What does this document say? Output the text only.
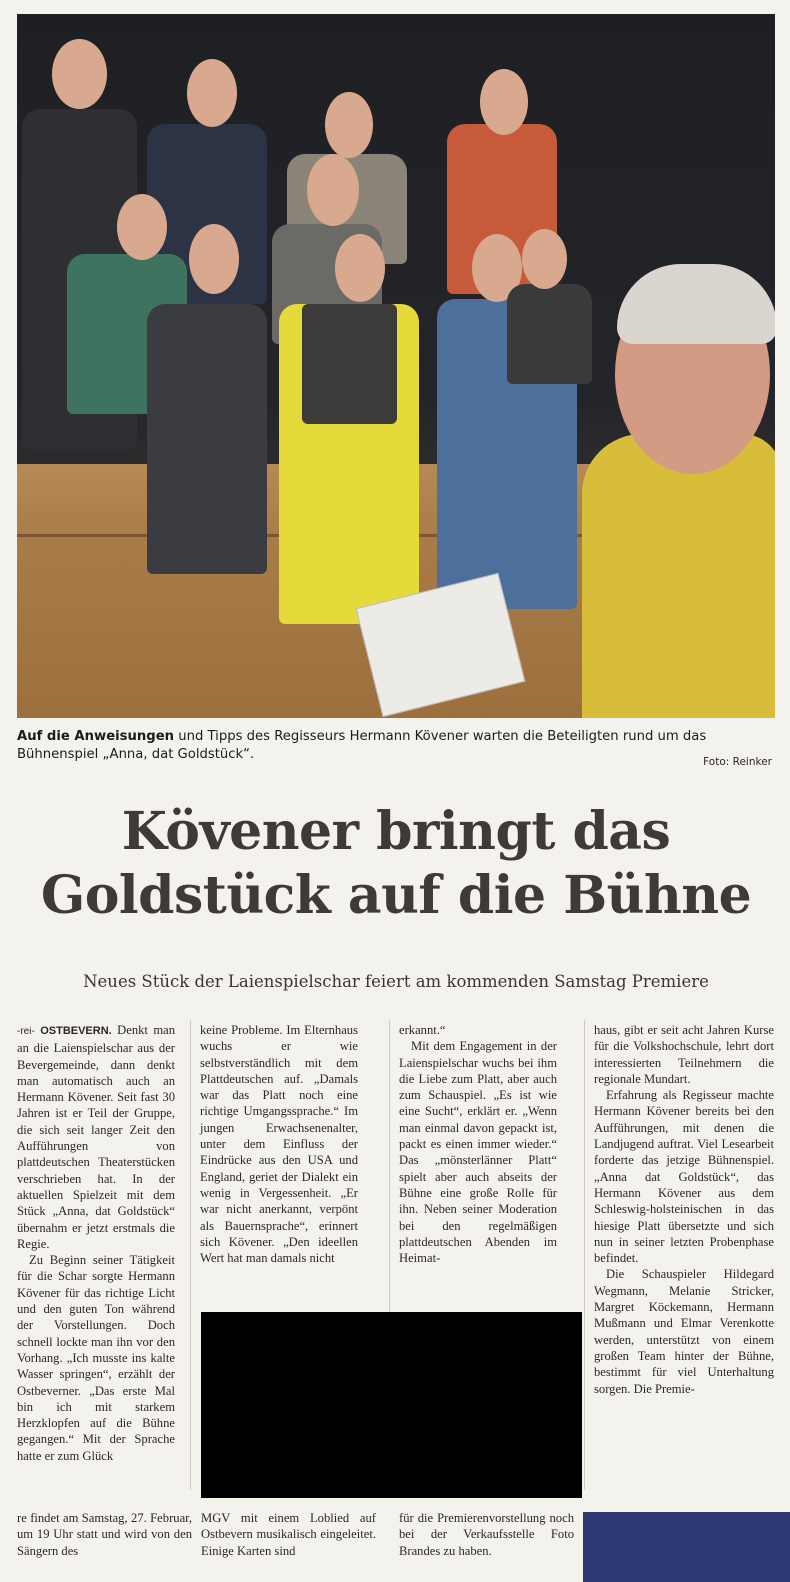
Auf die Anweisungen und Tipps des Regisseurs Hermann Kövener warten die Beteiligten rund um das Bühnenspiel „Anna, dat Goldstück“.	Foto: Reinker
Kövener bringt das
Goldstück auf die Bühne
Neues Stück der Laienspielschar feiert am kommenden Samstag Premiere

-rei- OSTBEVERN. Denkt man an die Laienspielschar aus der Bevergemeinde, dann denkt man automatisch auch an Hermann Kövener. Seit fast 30 Jahren ist er Teil der Gruppe, die sich seit langer Zeit den Aufführungen von plattdeutschen Theaterstücken verschrieben hat. In der aktuellen Spielzeit mit dem Stück „Anna, dat Goldstück“ übernahm er jetzt erstmals die Regie.

Zu Beginn seiner Tätigkeit für die Schar sorgte Hermann Kövener für das richtige Licht und den guten Ton während der Vorstellungen. Doch schnell lockte man ihn vor den Vorhang. „Ich musste ins kalte Wasser springen“, erzählt der Ostbeverner. „Das erste Mal bin ich mit starkem Herzklopfen auf die Bühne gegangen.“ Mit der Sprache hatte er zum Glück

keine Probleme. Im Elternhaus wuchs er wie selbstverständlich mit dem Plattdeutschen auf. „Damals war das Platt noch eine richtige Umgangssprache.“ Im jungen Erwachsenenalter, unter dem Einfluss der Eindrücke aus den USA und England, geriet der Dialekt ein wenig in Vergessenheit. „Er war nicht anerkannt, verpönt als Bauernsprache“, erinnert sich Kövener. „Den ideellen Wert hat man damals nicht

erkannt.“

Mit dem Engagement in der Laienspielschar wuchs bei ihm die Liebe zum Platt, aber auch zum Schauspiel. „Es ist wie eine Sucht“, erklärt er. „Wenn man einmal davon gepackt ist, packt es einen immer wieder.“ Das „mönsterlänner Platt“ spielt aber auch abseits der Bühne eine große Rolle für ihn. Neben seiner Moderation bei den regelmäßigen plattdeutschen Abenden im Heimat-

haus, gibt er seit acht Jahren Kurse für die Volkshochschule, lehrt dort interessierten Teilnehmern die regionale Mundart.

Erfahrung als Regisseur machte Hermann Kövener bereits bei den Aufführungen, mit denen die Landjugend auftrat. Viel Lesearbeit forderte das jetzige Bühnenspiel. „Anna dat Goldstück“, das Hermann Kövener aus dem Schleswig-holsteinischen in das hiesige Platt übersetzte und sich nun in seiner letzten Probenphase befindet.

Die Schauspieler Hildegard Wegmann, Melanie Stricker, Margret Köckemann, Hermann Mußmann und Elmar Verenkotte werden, unterstützt von einem großen Team hinter der Bühne, bestimmt für viel Unterhaltung sorgen. Die Premie-

re findet am Samstag, 27. Februar, um 19 Uhr statt und wird von den Sängern des
MGV mit einem Loblied auf Ostbevern musikalisch eingeleitet. Einige Karten sind
für die Premierenvorstellung noch bei der Verkaufsstelle Foto Brandes zu haben.
